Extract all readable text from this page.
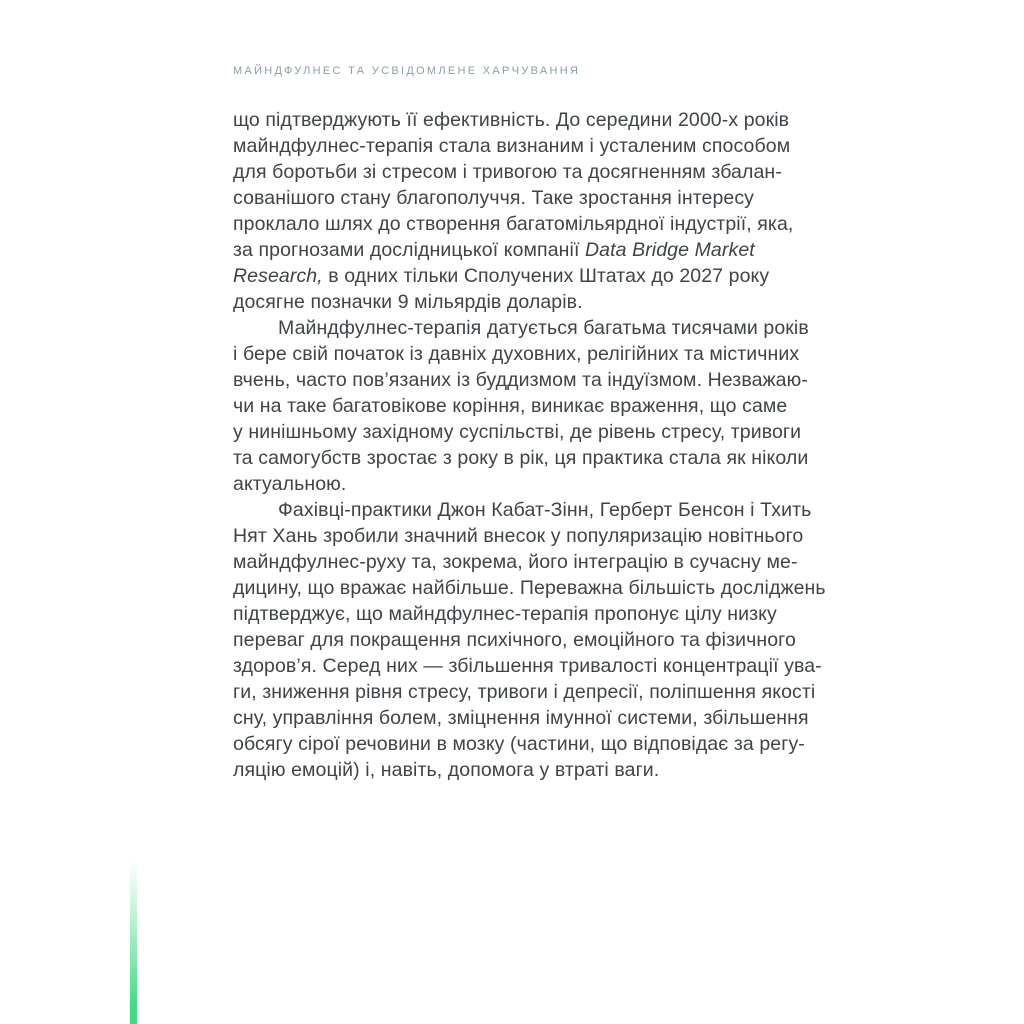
МАЙНДФУЛНЕС ТА УСВІДОМЛЕНЕ ХАРЧУВАННЯ
що підтверджують її ефективність. До середини 2000-х років
майндфулнес-терапія стала визнаним і усталеним способом
для боротьби зі стресом і тривогою та досягненням збалан-
сованішого стану благополуччя. Таке зростання інтересу
проклало шлях до створення багатомільярдної індустрії, яка,
за прогнозами дослідницької компанії Data Bridge Market
Research, в одних тільки Сполучених Штатах до 2027 року
досягне позначки 9 мільярдів доларів.
Майндфулнес-терапія датується багатьма тисячами років
і бере свій початок із давніх духовних, релігійних та містичних
вчень, часто пов’язаних із буддизмом та індуїзмом. Незважаю-
чи на таке багатовікове коріння, виникає враження, що саме
у нинішньому західному суспільстві, де рівень стресу, тривоги
та самогубств зростає з року в рік, ця практика стала як ніколи
актуальною.
Фахівці-практики Джон Кабат-Зінн, Герберт Бенсон і Тхить
Нят Хань зробили значний внесок у популяризацію новітнього
майндфулнес-руху та, зокрема, його інтеграцію в сучасну ме-
дицину, що вражає найбільше. Переважна більшість досліджень
підтверджує, що майндфулнес-терапія пропонує цілу низку
переваг для покращення психічного, емоційного та фізичного
здоров’я. Серед них — збільшення тривалості концентрації ува-
ги, зниження рівня стресу, тривоги і депресії, поліпшення якості
сну, управління болем, зміцнення імунної системи, збільшення
обсягу сірої речовини в мозку (частини, що відповідає за регу-
ляцію емоцій) і, навіть, допомога у втраті ваги.
